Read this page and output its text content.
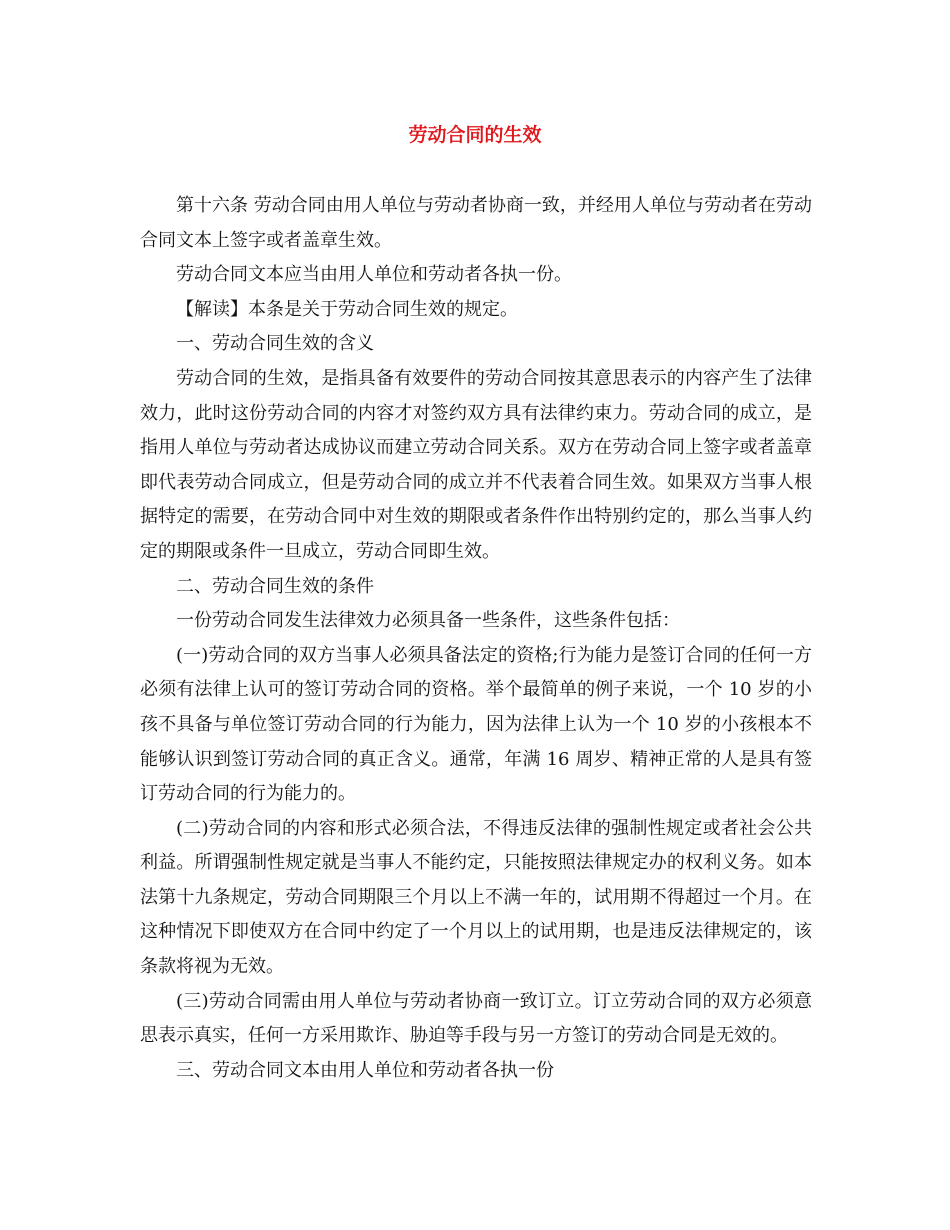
劳动合同的生效

第十六条 劳动合同由用人单位与劳动者协商一致，并经用人单位与劳动者在劳动合同文本上签字或者盖章生效。

劳动合同文本应当由用人单位和劳动者各执一份。

【解读】本条是关于劳动合同生效的规定。

一、劳动合同生效的含义

劳动合同的生效，是指具备有效要件的劳动合同按其意思表示的内容产生了法律效力，此时这份劳动合同的内容才对签约双方具有法律约束力。劳动合同的成立，是指用人单位与劳动者达成协议而建立劳动合同关系。双方在劳动合同上签字或者盖章即代表劳动合同成立，但是劳动合同的成立并不代表着合同生效。如果双方当事人根据特定的需要，在劳动合同中对生效的期限或者条件作出特别约定的，那么当事人约定的期限或条件一旦成立，劳动合同即生效。

二、劳动合同生效的条件

一份劳动合同发生法律效力必须具备一些条件，这些条件包括：

(一)劳动合同的双方当事人必须具备法定的资格;行为能力是签订合同的任何一方必须有法律上认可的签订劳动合同的资格。举个最简单的例子来说，一个 10 岁的小孩不具备与单位签订劳动合同的行为能力，因为法律上认为一个 10 岁的小孩根本不能够认识到签订劳动合同的真正含义。通常，年满 16 周岁、精神正常的人是具有签订劳动合同的行为能力的。

(二)劳动合同的内容和形式必须合法，不得违反法律的强制性规定或者社会公共利益。所谓强制性规定就是当事人不能约定，只能按照法律规定办的权利义务。如本法第十九条规定，劳动合同期限三个月以上不满一年的，试用期不得超过一个月。在这种情况下即使双方在合同中约定了一个月以上的试用期，也是违反法律规定的，该条款将视为无效。

(三)劳动合同需由用人单位与劳动者协商一致订立。订立劳动合同的双方必须意思表示真实，任何一方采用欺诈、胁迫等手段与另一方签订的劳动合同是无效的。

三、劳动合同文本由用人单位和劳动者各执一份
